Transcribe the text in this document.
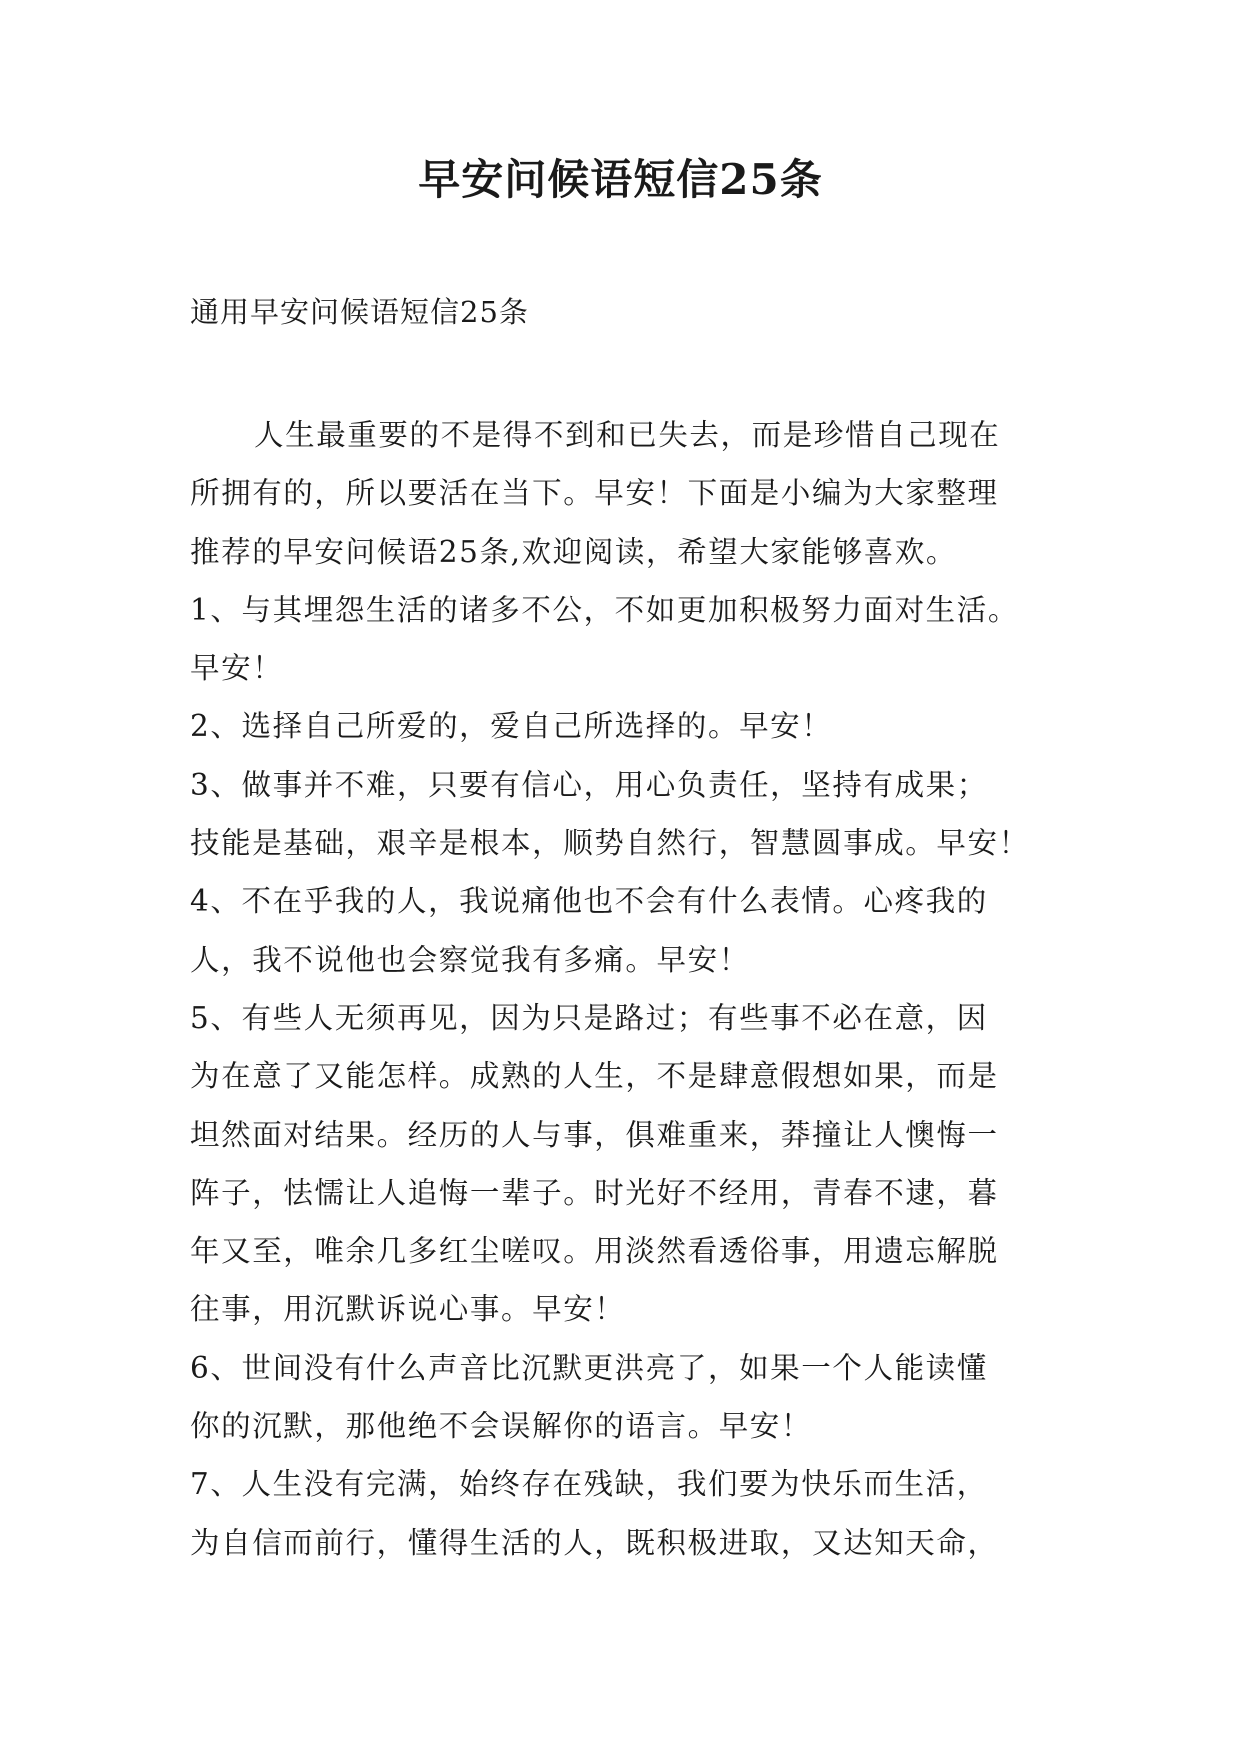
早安问候语短信25条

通用早安问候语短信25条

人生最重要的不是得不到和已失去，而是珍惜自己现在
所拥有的，所以要活在当下。早安！下面是小编为大家整理
推荐的早安问候语25条,欢迎阅读，希望大家能够喜欢。
1、与其埋怨生活的诸多不公，不如更加积极努力面对生活。
早安！
2、选择自己所爱的，爱自己所选择的。早安！
3、做事并不难，只要有信心，用心负责任，坚持有成果；
技能是基础，艰辛是根本，顺势自然行，智慧圆事成。早安！
4、不在乎我的人，我说痛他也不会有什么表情。心疼我的
人，我不说他也会察觉我有多痛。早安！
5、有些人无须再见，因为只是路过；有些事不必在意，因
为在意了又能怎样。成熟的人生，不是肆意假想如果，而是
坦然面对结果。经历的人与事，俱难重来，莽撞让人懊悔一
阵子，怯懦让人追悔一辈子。时光好不经用，青春不逮，暮
年又至，唯余几多红尘嗟叹。用淡然看透俗事，用遗忘解脱
往事，用沉默诉说心事。早安！
6、世间没有什么声音比沉默更洪亮了，如果一个人能读懂
你的沉默，那他绝不会误解你的语言。早安！
7、人生没有完满，始终存在残缺，我们要为快乐而生活，
为自信而前行，懂得生活的人，既积极进取，又达知天命，
